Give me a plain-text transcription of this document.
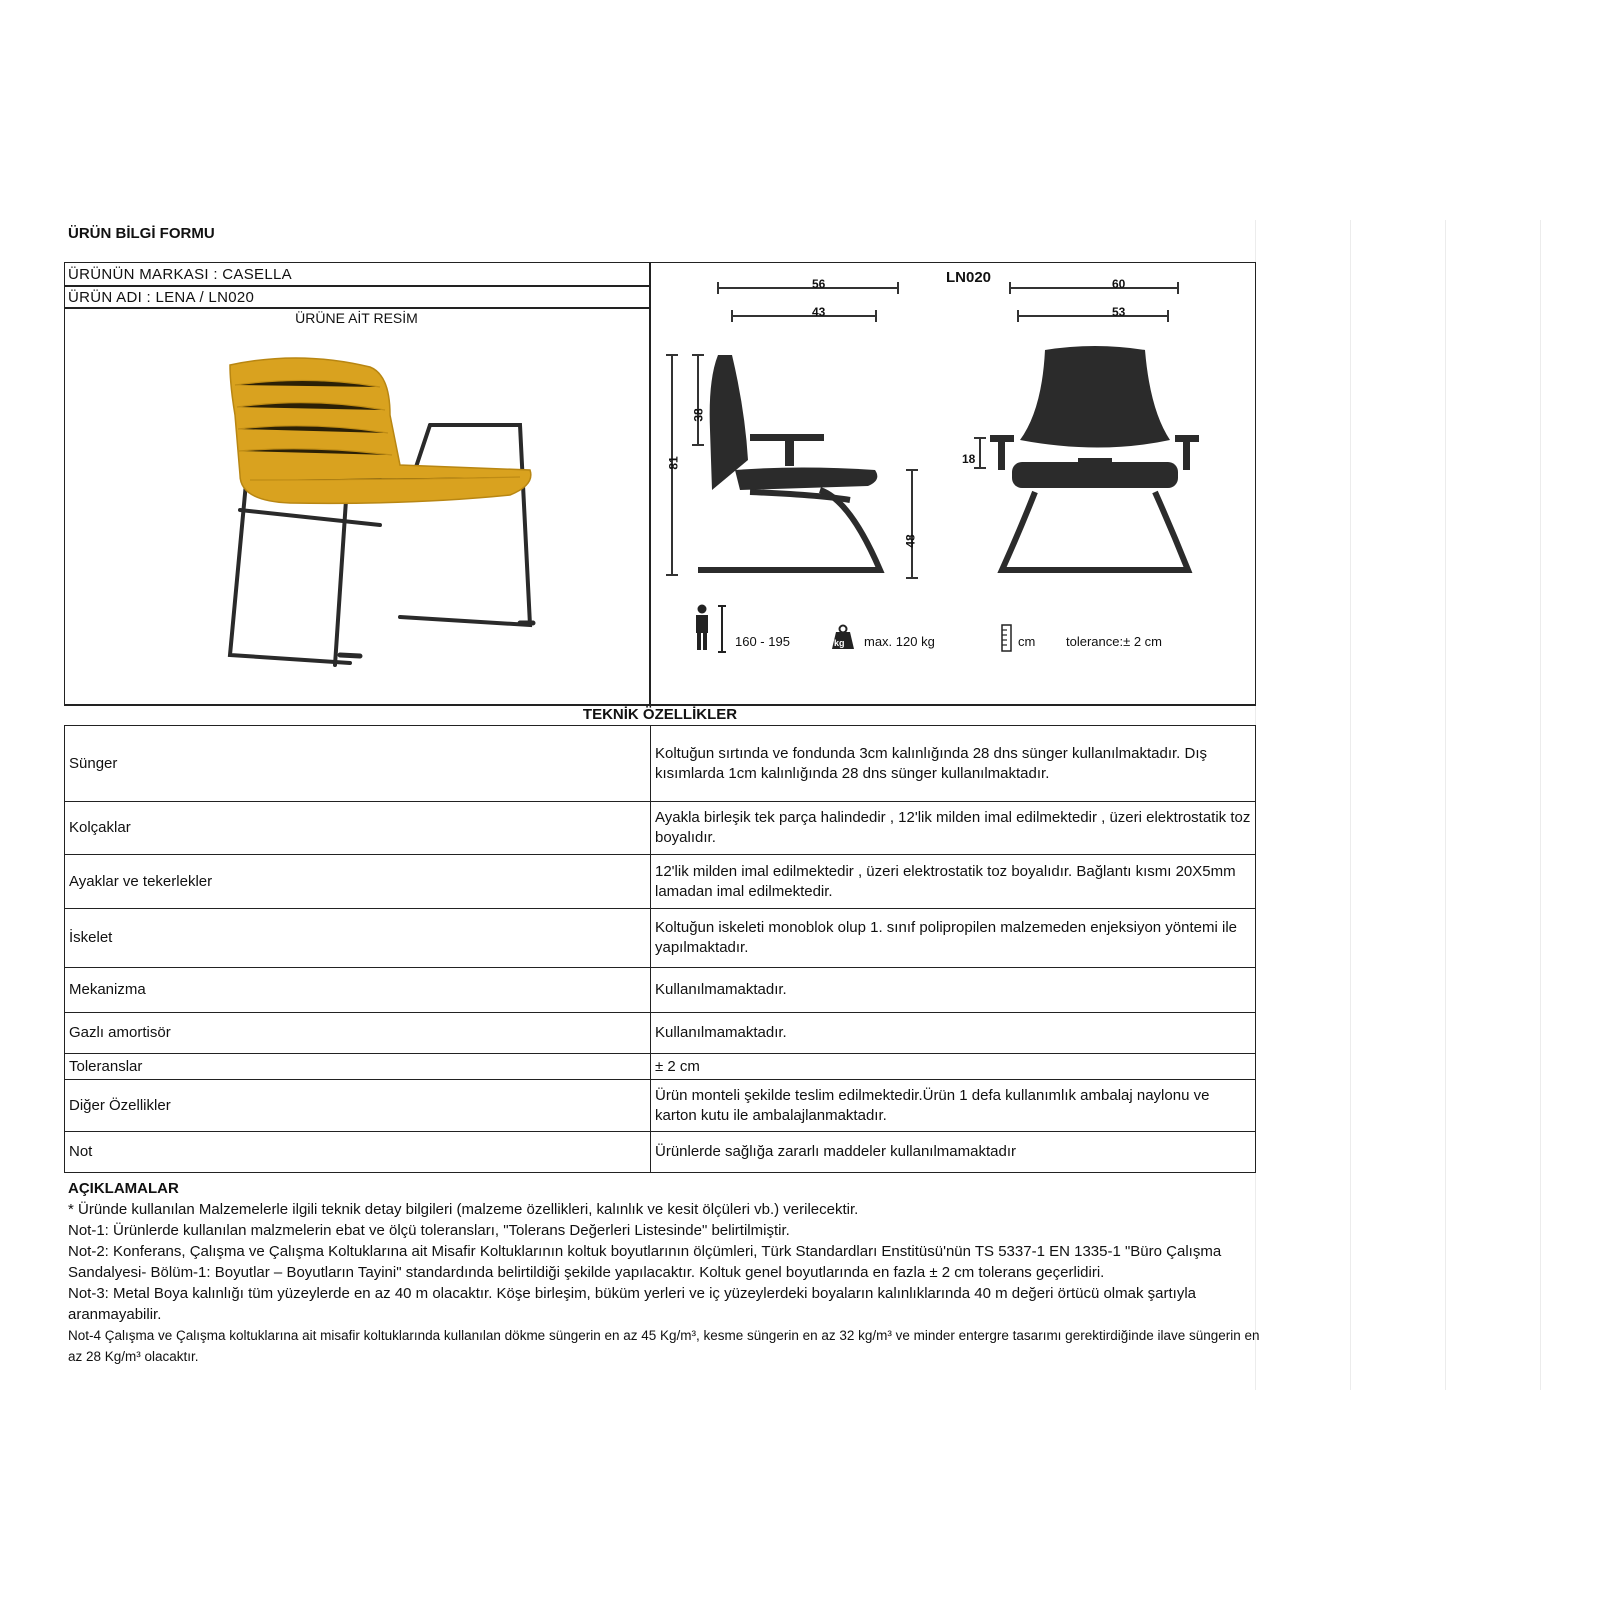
ÜRÜN BİLGİ FORMU
ÜRÜNÜN MARKASI : CASELLA
ÜRÜN ADI : LENA / LN020
ÜRÜNE AİT RESİM
LN020
56
43
60
53
38
81
48
18
160 - 195	kg max. 120 kg	cm tolerance:± 2 cm
TEKNİK ÖZELLİKLER
Sünger	Koltuğun sırtında ve fondunda 3cm kalınlığında 28 dns sünger kullanılmaktadır. Dış kısımlarda 1cm kalınlığında 28 dns sünger kullanılmaktadır.
Kolçaklar	Ayakla birleşik tek parça halindedir , 12'lik milden imal edilmektedir , üzeri elektrostatik toz boyalıdır.
Ayaklar ve tekerlekler	12'lik milden imal edilmektedir , üzeri elektrostatik toz boyalıdır. Bağlantı kısmı 20X5mm lamadan imal edilmektedir.
İskelet	Koltuğun iskeleti monoblok olup 1. sınıf polipropilen malzemeden enjeksiyon yöntemi ile yapılmaktadır.
Mekanizma	Kullanılmamaktadır.
Gazlı amortisör	Kullanılmamaktadır.
Toleranslar	± 2 cm
Diğer Özellikler	Ürün monteli şekilde teslim edilmektedir.Ürün 1 defa kullanımlık ambalaj naylonu ve karton kutu ile ambalajlanmaktadır.
Not	Ürünlerde sağlığa zararlı maddeler kullanılmamaktadır
AÇIKLAMALAR
* Üründe kullanılan Malzemelerle ilgili teknik detay bilgileri (malzeme özellikleri, kalınlık ve kesit ölçüleri vb.) verilecektir.
Not-1: Ürünlerde kullanılan malzmelerin ebat ve ölçü toleransları, "Tolerans Değerleri Listesinde" belirtilmiştir.
Not-2: Konferans, Çalışma ve Çalışma Koltuklarına ait Misafir Koltuklarının koltuk boyutlarının ölçümleri, Türk Standardları Enstitüsü'nün TS 5337-1 EN 1335-1 "Büro Çalışma Sandalyesi- Bölüm-1: Boyutlar – Boyutların Tayini" standardında belirtildiği şekilde yapılacaktır. Koltuk genel boyutlarında en fazla ± 2 cm tolerans geçerlidiri.
Not-3: Metal Boya kalınlığı tüm yüzeylerde en az 40 m olacaktır. Köşe birleşim, büküm yerleri ve iç yüzeylerdeki boyaların kalınlıklarında 40 m değeri örtücü olmak şartıyla aranmayabilir.
Not-4 Çalışma ve Çalışma koltuklarına ait misafir koltuklarında kullanılan dökme süngerin en az 45 Kg/m³, kesme süngerin en az 32 kg/m³ ve minder entergre tasarımı gerektirdiğinde ilave süngerin en az 28 Kg/m³ olacaktır.
